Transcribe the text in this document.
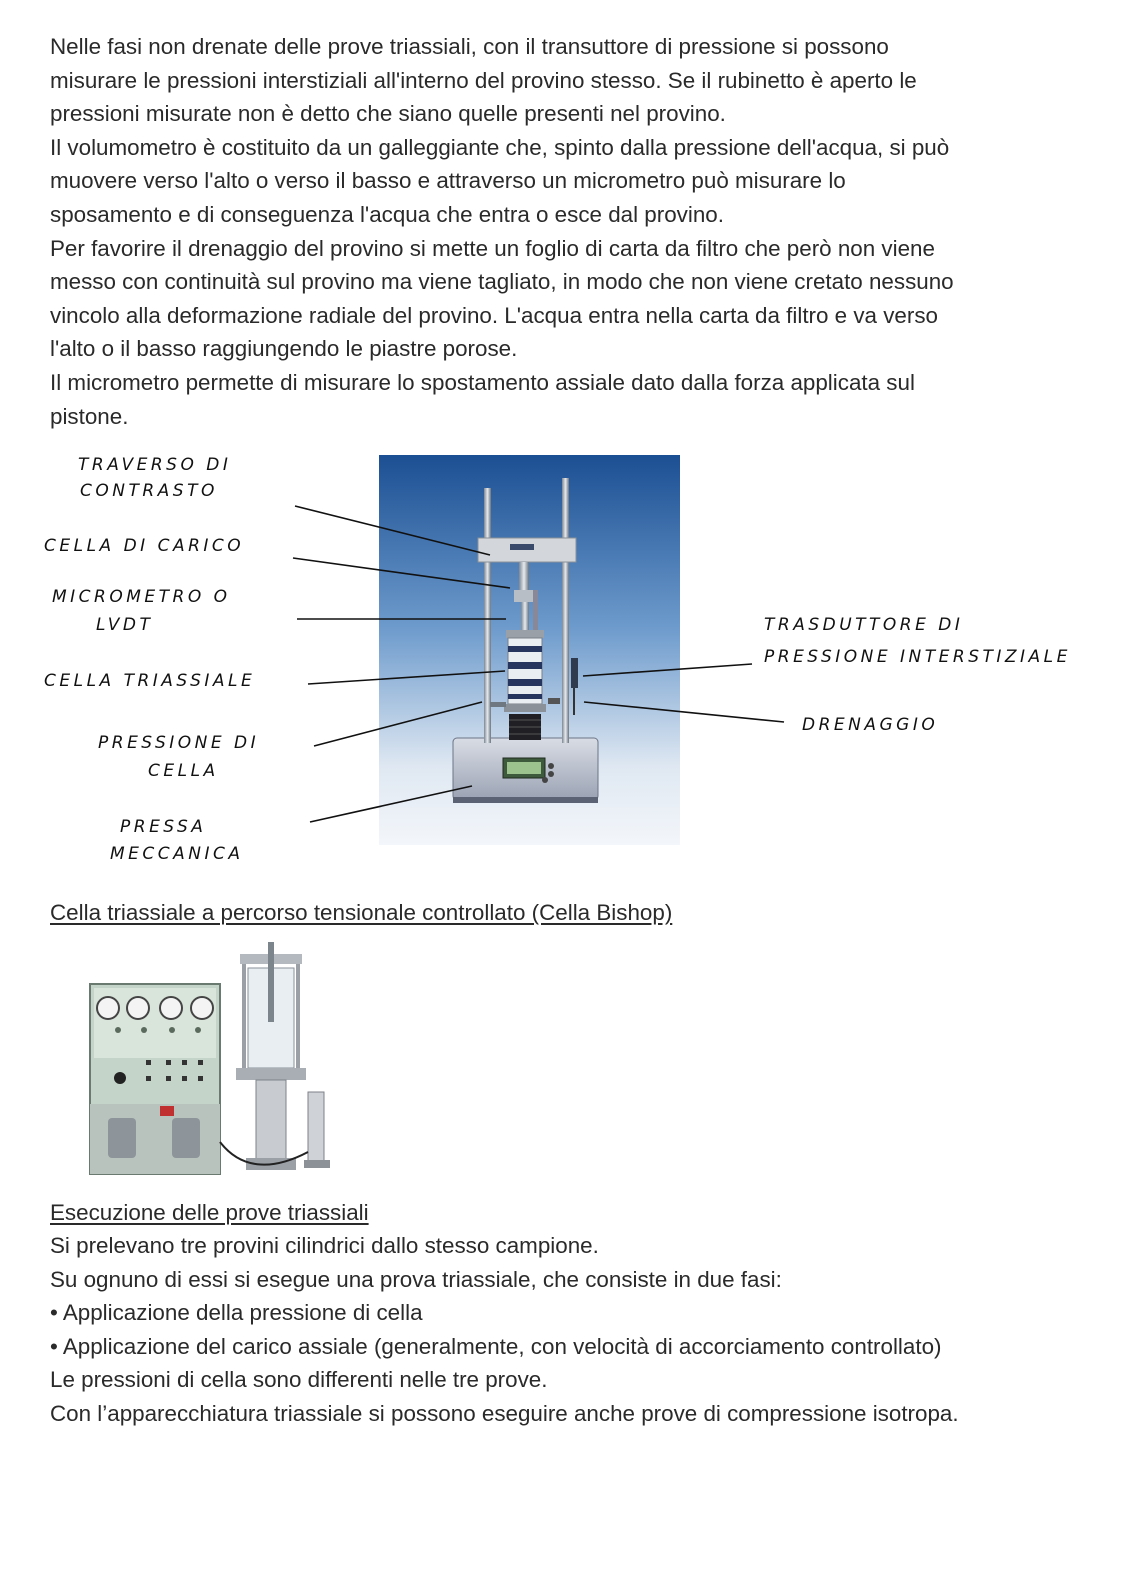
Nelle fasi non drenate delle prove triassiali, con il transuttore di pressione si possono
misurare le pressioni interstiziali all'interno del provino stesso. Se il rubinetto è aperto le
pressioni misurate non è detto che siano quelle presenti nel provino.
Il volumometro è costituito da un galleggiante che, spinto dalla pressione dell'acqua, si può
muovere verso l'alto o verso il basso e attraverso un micrometro può misurare lo
sposamento e di conseguenza l'acqua che entra o esce dal provino.
Per favorire il drenaggio del provino si mette un foglio di carta da filtro che però non viene
messo con continuità sul provino ma viene tagliato, in modo che non viene cretato nessuno
vincolo alla deformazione radiale del provino. L'acqua entra nella carta da filtro e va verso
l'alto o il basso raggiungendo le piastre porose.
Il micrometro permette di misurare lo spostamento assiale dato dalla forza applicata sul
pistone.
TRAVERSO DI
CONTRASTO
CELLA DI CARICO
MICROMETRO O
LVDT
CELLA TRIASSIALE
PRESSIONE DI
CELLA
PRESSA
MECCANICA
TRASDUTTORE DI
PRESSIONE INTERSTIZIALE
DRENAGGIO
Cella triassiale a percorso tensionale controllato (Cella Bishop)
Esecuzione delle prove triassiali
Si prelevano tre provini cilindrici dallo stesso campione.
Su ognuno di essi si esegue una prova triassiale, che consiste in due fasi:
• Applicazione della pressione di cella
• Applicazione del carico assiale (generalmente, con velocità di accorciamento controllato)
Le pressioni di cella sono differenti nelle tre prove.
Con l’apparecchiatura triassiale si possono eseguire anche prove di compressione isotropa.
